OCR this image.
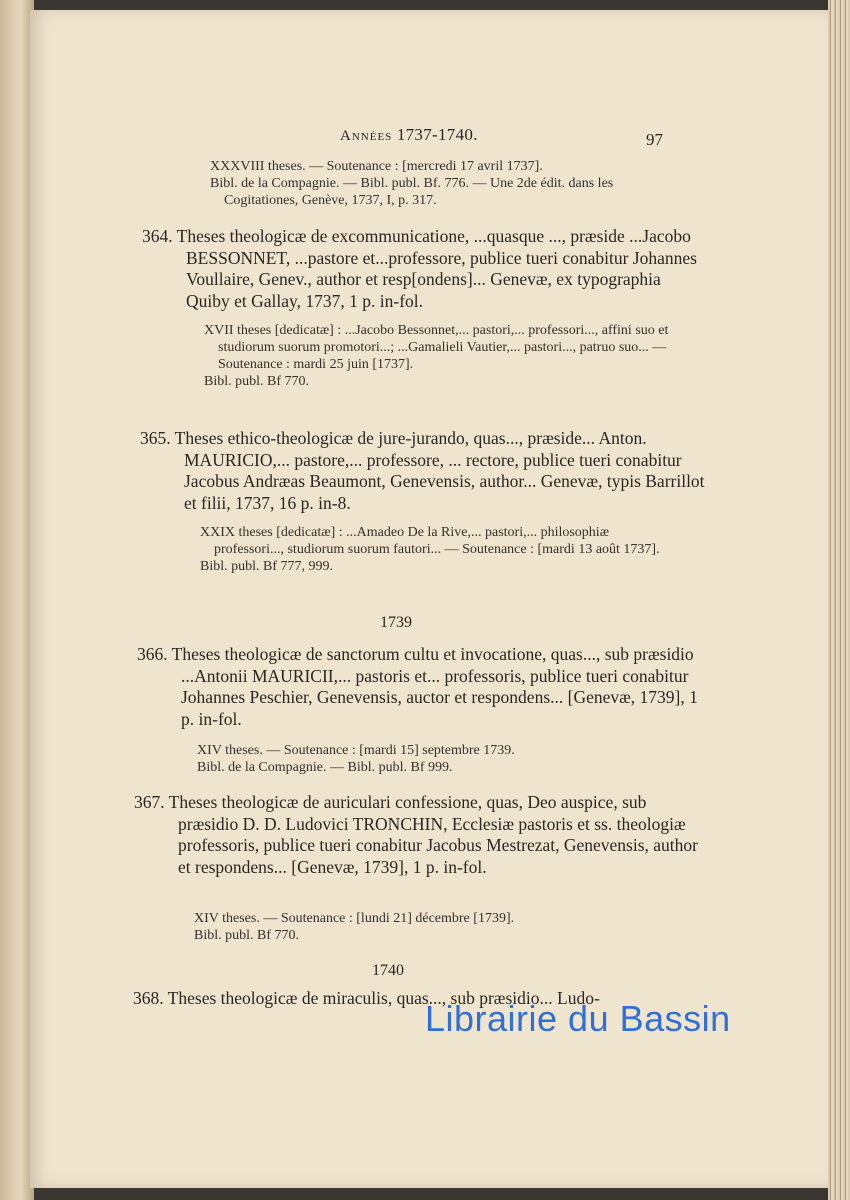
Années 1737-1740.	97
XXXVIII theses. — Soutenance : [mercredi 17 avril 1737].
Bibl. de la Compagnie. — Bibl. publ. Bf. 776. — Une 2de édit. dans les Cogitationes, Genève, 1737, I, p. 317.
364. Theses theologicæ de excommunicatione, ...quasque ..., præside ...Jacobo BESSONNET, ...pastore et...professore, publice tueri conabitur Johannes Voullaire, Genev., author et resp[ondens]... Genevæ, ex typographia Quiby et Gallay, 1737, 1 p. in-fol.
XVII theses [dedicatæ] : ...Jacobo Bessonnet,... pastori,... professori..., affini suo et studiorum suorum promotori...; ...Gamalieli Vautier,... pastori..., patruo suo... — Soutenance : mardi 25 juin [1737].
Bibl. publ. Bf 770.
365. Theses ethico-theologicæ de jure-jurando, quas..., præside... Anton. MAURICIO,... pastore,... professore, ... rectore, publice tueri conabitur Jacobus Andræas Beaumont, Genevensis, author... Genevæ, typis Barrillot et filii, 1737, 16 p. in-8.
XXIX theses [dedicatæ] : ...Amadeo De la Rive,... pastori,... philosophiæ professori..., studiorum suorum fautori... — Soutenance : [mardi 13 août 1737].
Bibl. publ. Bf 777, 999.
1739
366. Theses theologicæ de sanctorum cultu et invocatione, quas..., sub præsidio ...Antonii MAURICII,... pastoris et... professoris, publice tueri conabitur Johannes Peschier, Genevensis, auctor et respondens... [Genevæ, 1739], 1 p. in-fol.
XIV theses. — Soutenance : [mardi 15] septembre 1739.
Bibl. de la Compagnie. — Bibl. publ. Bf 999.
367. Theses theologicæ de auriculari confessione, quas, Deo auspice, sub præsidio D. D. Ludovici TRONCHIN, Ecclesiæ pastoris et ss. theologiæ professoris, publice tueri conabitur Jacobus Mestrezat, Genevensis, author et respondens... [Genevæ, 1739], 1 p. in-fol.
XIV theses. — Soutenance : [lundi 21] décembre [1739].
Bibl. publ. Bf 770.
1740
368. Theses theologicæ de miraculis, quas..., sub præsidio... Ludo-
Librairie du Bassin
